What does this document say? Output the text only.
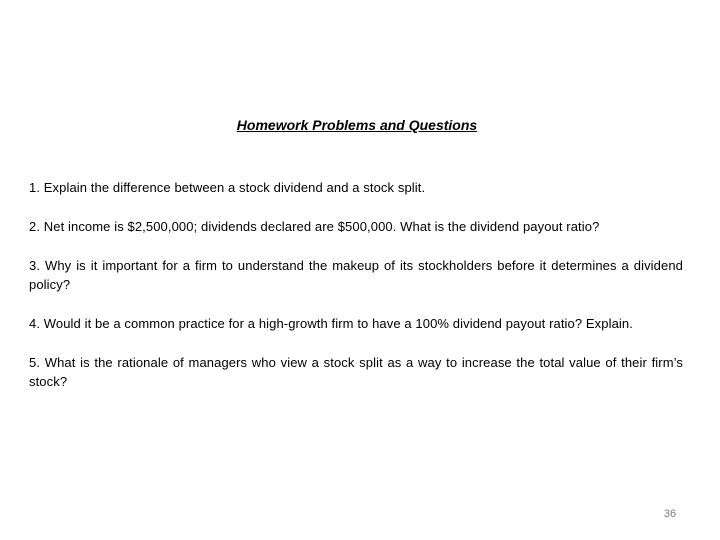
Homework Problems and Questions

1. Explain the difference between a stock dividend and a stock split.

2. Net income is $2,500,000; dividends declared are $500,000. What is the dividend payout ratio?

3. Why is it important for a firm to understand the makeup of its stockholders before it determines a dividend policy?

4. Would it be a common practice for a high-growth firm to have a 100% dividend payout ratio? Explain.

5. What is the rationale of managers who view a stock split as a way to increase the total value of their firm’s stock?

36
